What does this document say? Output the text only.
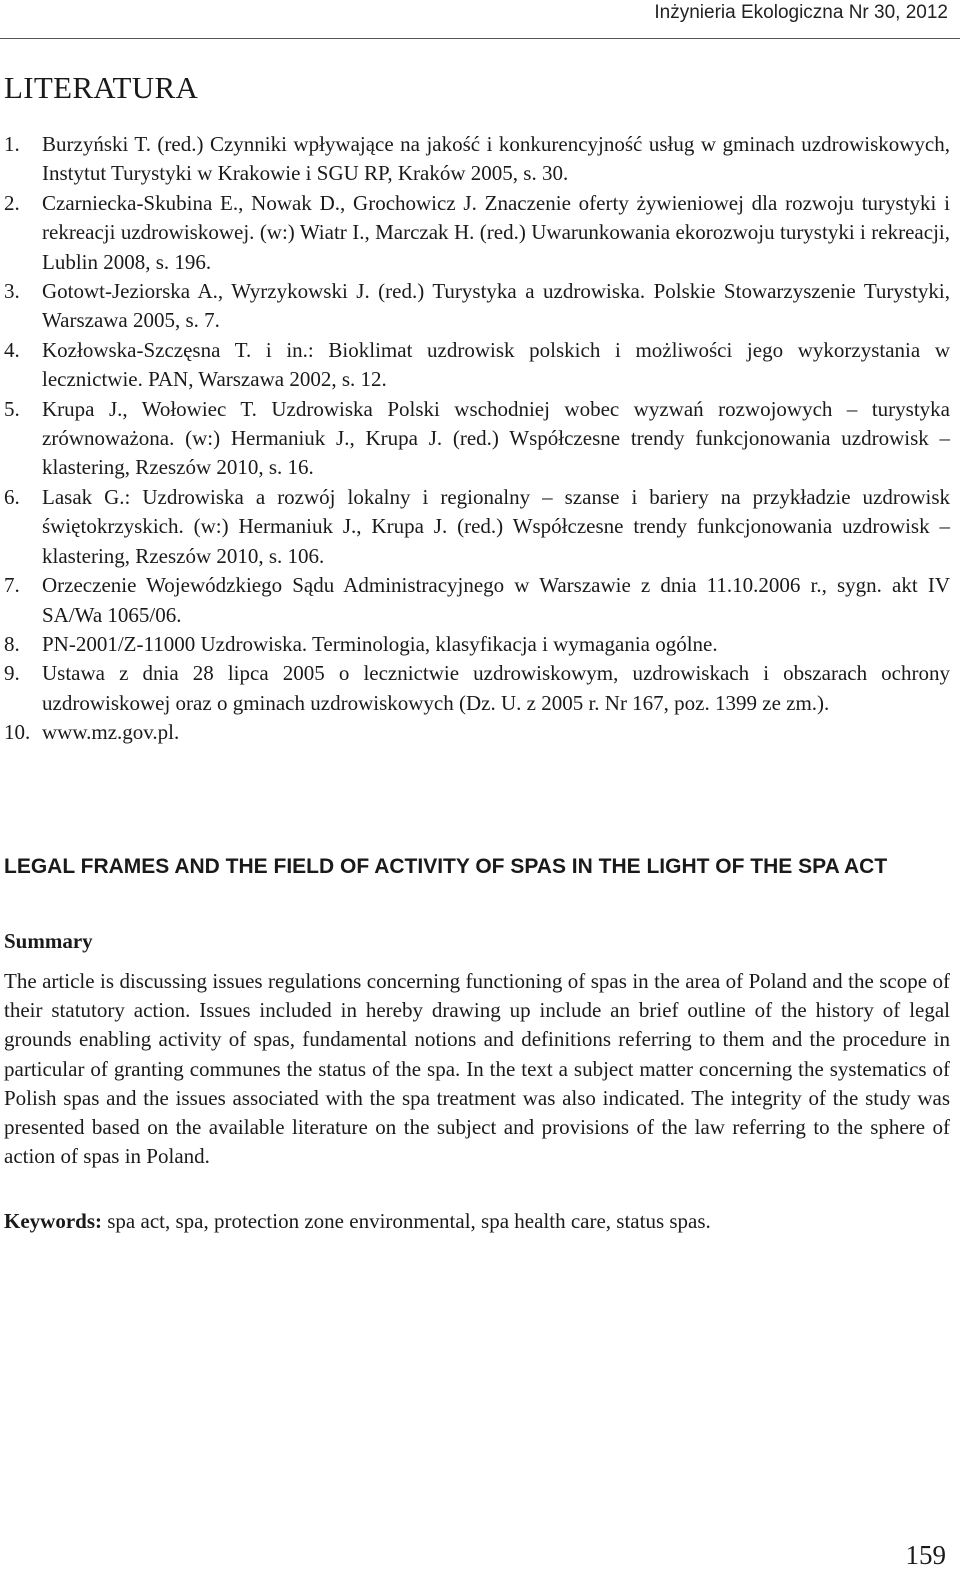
Inżynieria Ekologiczna Nr 30, 2012
LITERATURA
1.	Burzyński T. (red.) Czynniki wpływające na jakość i konkurencyjność usług w gminach uzdrowiskowych, Instytut Turystyki w Krakowie i SGU RP, Kraków 2005, s. 30.
2.	Czarniecka-Skubina E., Nowak D., Grochowicz J. Znaczenie oferty żywieniowej dla rozwoju turystyki i rekreacji uzdrowiskowej. (w:) Wiatr I., Marczak H. (red.) Uwarunkowania ekorozwoju turystyki i rekreacji, Lublin 2008, s. 196.
3.	Gotowt-Jeziorska A., Wyrzykowski J. (red.) Turystyka a uzdrowiska. Polskie Stowarzyszenie Turystyki, Warszawa 2005, s. 7.
4.	Kozłowska-Szczęsna T. i in.: Bioklimat uzdrowisk polskich i możliwości jego wykorzystania w lecznictwie. PAN, Warszawa 2002, s. 12.
5.	Krupa J., Wołowiec T. Uzdrowiska Polski wschodniej wobec wyzwań rozwojowych – turystyka zrównoważona. (w:) Hermaniuk J., Krupa J. (red.) Współczesne trendy funkcjonowania uzdrowisk – klastering, Rzeszów 2010, s. 16.
6.	Lasak G.: Uzdrowiska a rozwój lokalny i regionalny – szanse i bariery na przykładzie uzdrowisk świętokrzyskich. (w:) Hermaniuk J., Krupa J. (red.) Współczesne trendy funkcjonowania uzdrowisk – klastering, Rzeszów 2010, s. 106.
7.	Orzeczenie Wojewódzkiego Sądu Administracyjnego w Warszawie z dnia 11.10.2006 r., sygn. akt IV SA/Wa 1065/06.
8.	PN-2001/Z-11000 Uzdrowiska. Terminologia, klasyfikacja i wymagania ogólne.
9.	Ustawa z dnia 28 lipca 2005 o lecznictwie uzdrowiskowym, uzdrowiskach i obszarach ochrony uzdrowiskowej oraz o gminach uzdrowiskowych (Dz. U. z 2005 r. Nr 167, poz. 1399 ze zm.).
10. www.mz.gov.pl.
LEGAL FRAMES AND THE FIELD OF ACTIVITY OF SPAS IN THE LIGHT OF THE SPA ACT
Summary

The article is discussing issues regulations concerning functioning of spas in the area of Poland and the scope of their statutory action. Issues included in hereby drawing up include an brief outline of the history of legal grounds enabling activity of spas, fundamental notions and definitions referring to them and the procedure in particular of granting communes the status of the spa. In the text a subject matter concerning the systematics of Polish spas and the issues associated with the spa treatment was also indicated. The integrity of the study was presented based on the available literature on the subject and provisions of the law referring to the sphere of action of spas in Poland.

Keywords: spa act, spa, protection zone environmental, spa health care, status spas.

159
